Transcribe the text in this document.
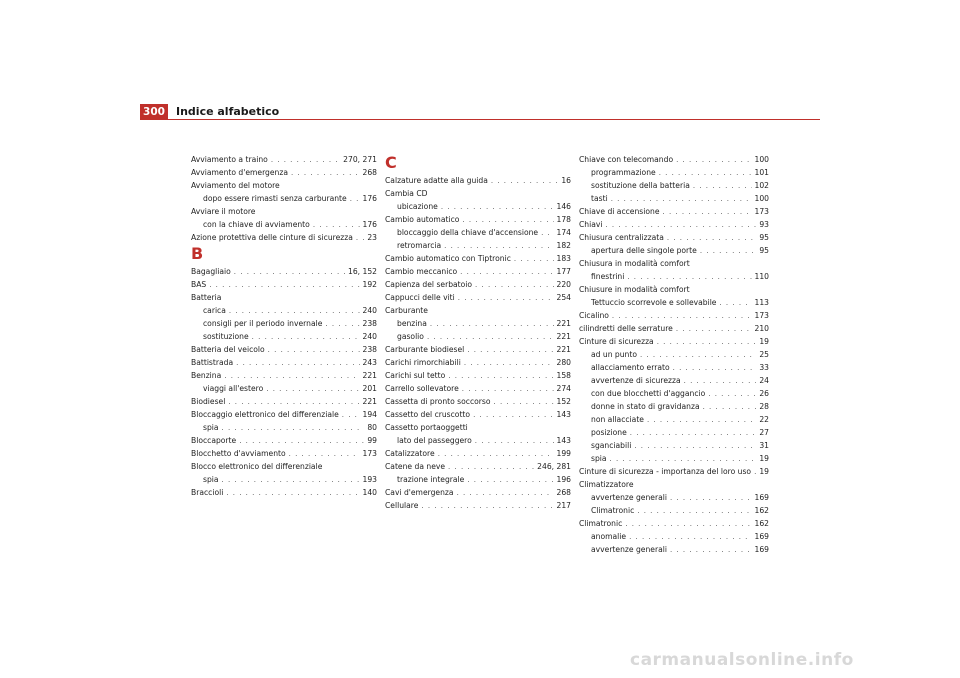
300 Indice alfabetico
Avviamento a traino . . .	270, 271
Avviamento d'emergenza . . .	268
Avviamento del motore
dopo essere rimasti senza carburante . . . 176
Avviare il motore
con la chiave di avviamento . . .	176
Azione protettiva delle cinture di sicurezza . . . 23
B
Bagagliaio . . .	16, 152
BAS . . .	192
Batteria
carica . . .	240
consigli per il periodo invernale . . .	238
sostituzione . . .	240
Batteria del veicolo . . .	238
Battistrada . . .	243
Benzina . . .	221
viaggi all'estero . . .	201
Biodiesel . . .	221
Bloccaggio elettronico del differenziale . . .	194
spia . . .	80
Bloccaporte . . .	99
Blocchetto d'avviamento . . .	173
Blocco elettronico del differenziale
spia . . .	193
Braccioli . . .	140
C
Calzature adatte alla guida . . .	16
Cambia CD
ubicazione . . .	146
Cambio automatico . . .	178
bloccaggio della chiave d'accensione . . . 174
retromarcia . . .	182
Cambio automatico con Tiptronic . . .	183
Cambio meccanico . . .	177
Capienza del serbatoio . . .	220
Cappucci delle viti . . .	254
Carburante
benzina . . .	221
gasolio . . .	221
Carburante biodiesel . . .	221
Carichi rimorchiabili . . .	280
Carichi sul tetto . . .	158
Carrello sollevatore . . .	274
Cassetta di pronto soccorso . . .	152
Cassetto del cruscotto . . .	143
Cassetto portaoggetti
lato del passeggero . . .	143
Catalizzatore . . .	199
Catene da neve . . .	246, 281
trazione integrale . . .	196
Cavi d'emergenza . . .	268
Cellulare . . .	217
Chiave con telecomando . . .	100
programmazione . . .	101
sostituzione della batteria . . .	102
tasti . . .	100
Chiave di accensione . . .	173
Chiavi . . .	93
Chiusura centralizzata . . .	95
apertura delle singole porte . . .	95
Chiusura in modalità comfort
finestrini . . .	110
Chiusure in modalità comfort
Tettuccio scorrevole e sollevabile . . .	113
Cicalino . . .	173
cilindretti delle serrature . . .	210
Cinture di sicurezza . . .	19
ad un punto . . .	25
allacciamento errato . . .	33
avvertenze di sicurezza . . .	24
con due blocchetti d'aggancio . . .	26
donne in stato di gravidanza . . .	28
non allacciate . . .	22
posizione . . .	27
sganciabili . . .	31
spia . . .	19
Cinture di sicurezza - importanza del loro uso . . . 19
Climatizzatore
avvertenze generali . . .	169
Climatronic . . .	162
Climatronic . . .	162
anomalie . . .	169
avvertenze generali . . .	169
carmanualsonline.info
